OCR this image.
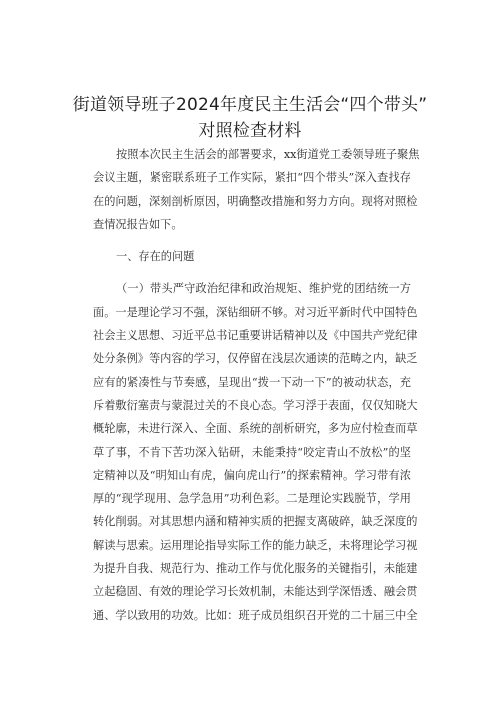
街道领导班子2024年度民主生活会“四个带头”
对照检查材料
按照本次民主生活会的部署要求，xx街道党工委领导班子聚焦
会议主题，紧密联系班子工作实际，紧扣“四个带头”深入查找存
在的问题，深刻剖析原因，明确整改措施和努力方向。现将对照检
查情况报告如下。
一、存在的问题
（一）带头严守政治纪律和政治规矩、维护党的团结统一方
面。一是理论学习不强，深钻细研不够。对习近平新时代中国特色
社会主义思想、习近平总书记重要讲话精神以及《中国共产党纪律
处分条例》等内容的学习，仅停留在浅层次通读的范畴之内，缺乏
应有的紧凑性与节奏感，呈现出“拨一下动一下”的被动状态，充
斥着敷衍塞责与蒙混过关的不良心态。学习浮于表面，仅仅知晓大
概轮廓，未进行深入、全面、系统的剖析研究，多为应付检查而草
草了事，不肯下苦功深入钻研，未能秉持“咬定青山不放松”的坚
定精神以及“明知山有虎，偏向虎山行”的探索精神。学习带有浓
厚的“现学现用、急学急用”功利色彩。二是理论实践脱节，学用
转化削弱。对其思想内涵和精神实质的把握支离破碎，缺乏深度的
解读与思索。运用理论指导实际工作的能力缺乏，未将理论学习视
为提升自我、规范行为、推动工作与优化服务的关键指引，未能建
立起稳固、有效的理论学习长效机制，未能达到学深悟透、融会贯
通、学以致用的功效。比如：班子成员组织召开党的二十届三中全
